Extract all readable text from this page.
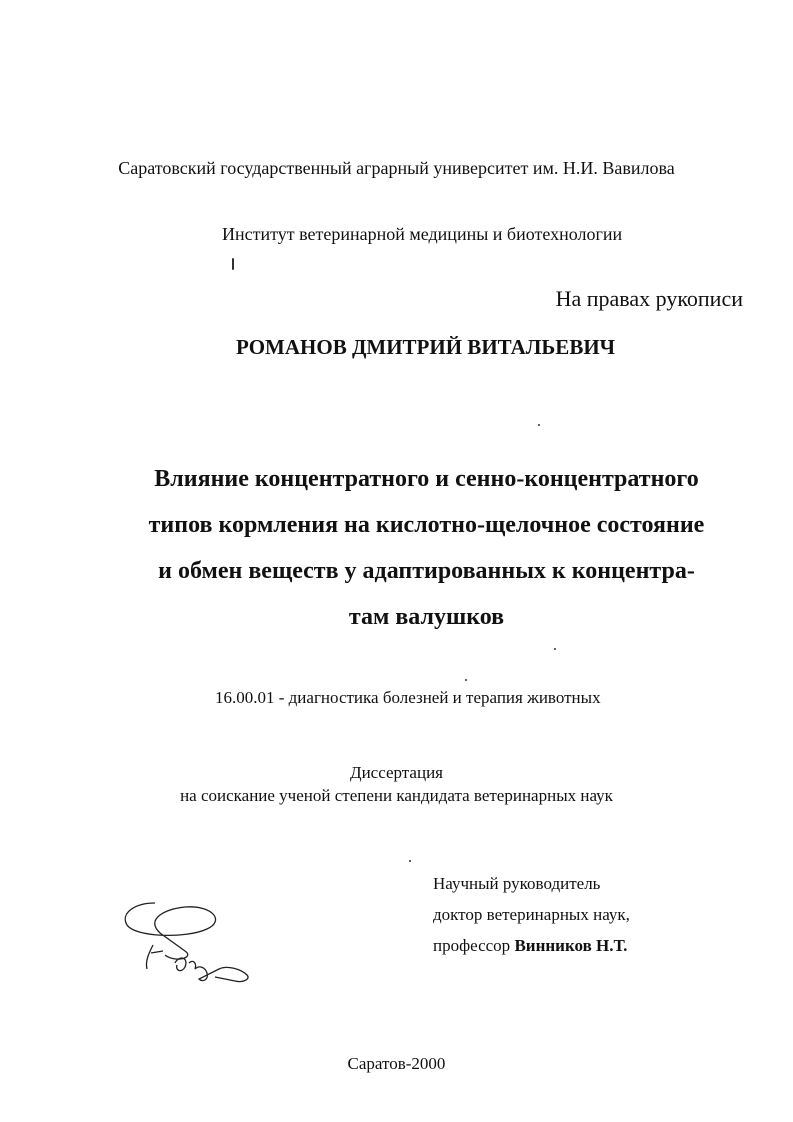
Саратовский государственный аграрный университет им. Н.И. Вавилова
Институт ветеринарной медицины и биотехнологии
На правах рукописи
РОМАНОВ ДМИТРИЙ ВИТАЛЬЕВИЧ
Влияние концентратного и сенно-концентратного
типов кормления на кислотно-щелочное состояние
и обмен веществ у адаптированных к концентра-
там валушков
16.00.01 - диагностика болезней и терапия животных
Диссертация
на соискание ученой степени кандидата ветеринарных наук
Научный руководитель
доктор ветеринарных наук,
профессор Винников Н.Т.
Саратов-2000
